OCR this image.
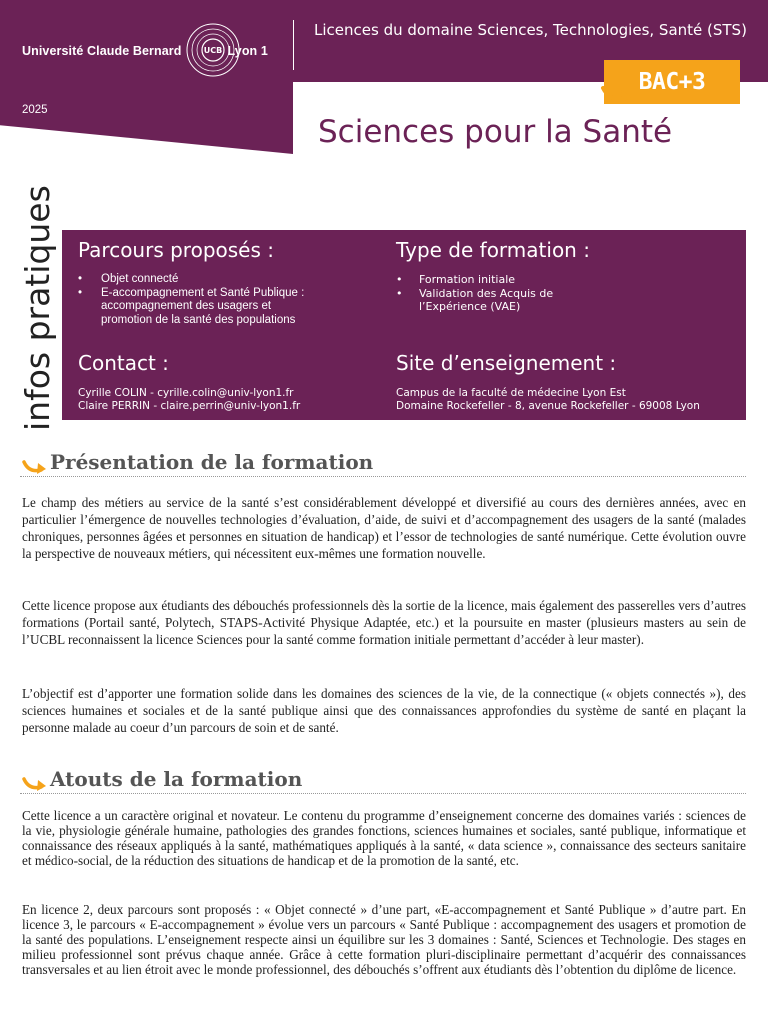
Université Claude Bernard	Lyon 1
UCB
2025
Licences du domaine Sciences, Technologies, Santé (STS)
BAC+3
Sciences pour la Santé
infos pratiques	Parcours proposés :
• Objet connecté
• E-accompagnement et Santé Publique : accompagnement des usagers et promotion de la santé des populations
Type de formation :
• Formation initiale
• Validation des Acquis de l’Expérience (VAE)
Contact :
Cyrille COLIN - cyrille.colin@univ-lyon1.fr
Claire PERRIN - claire.perrin@univ-lyon1.fr
Site d’enseignement :
Campus de la faculté de médecine Lyon Est
Domaine Rockefeller - 8, avenue Rockefeller - 69008 Lyon
Présentation de la formation

Le champ des métiers au service de la santé s’est considérablement développé et diversifié au cours des dernières années, avec en particulier l’émergence de nouvelles technologies d’évaluation, d’aide, de suivi et d’accompagnement des usagers de la santé (malades chroniques, personnes âgées et personnes en situation de handicap) et l’essor de technologies de santé numérique. Cette évolution ouvre la perspective de nouveaux métiers, qui nécessitent eux-mêmes une formation nouvelle.

Cette licence propose aux étudiants des débouchés professionnels dès la sortie de la licence, mais également des passerelles vers d’autres formations (Portail santé, Polytech, STAPS-Activité Physique Adaptée, etc.) et la poursuite en master (plusieurs masters au sein de l’UCBL reconnaissent la licence Sciences pour la santé comme formation initiale permettant d’accéder à leur master).

L’objectif est d’apporter une formation solide dans les domaines des sciences de la vie, de la connectique (« objets connectés »), des sciences humaines et sociales et de la santé publique ainsi que des connaissances approfondies du système de santé en plaçant la personne malade au coeur d’un parcours de soin et de santé.

Atouts de la formation

Cette licence a un caractère original et novateur. Le contenu du programme d’enseignement concerne des domaines variés : sciences de la vie, physiologie générale humaine, pathologies des grandes fonctions, sciences humaines et sociales, santé publique, informatique et connaissance des réseaux appliqués à la santé, mathématiques appliqués à la santé, « data science », connaissance des secteurs sanitaire et médico-social, de la réduction des situations de handicap et de la promotion de la santé, etc.

En licence 2, deux parcours sont proposés : « Objet connecté » d’une part, «E-accompagnement et Santé Publique » d’autre part. En licence 3, le parcours « E-accompagnement » évolue vers un parcours « Santé Publique : accompagnement des usagers et promotion de la santé des populations. L’enseignement respecte ainsi un équilibre sur les 3 domaines : Santé, Sciences et Technologie. Des stages en milieu professionnel sont prévus chaque année. Grâce à cette formation pluri-disciplinaire permettant d’acquérir des connaissances transversales et au lien étroit avec le monde professionnel, des débouchés s’offrent aux étudiants dès l’obtention du diplôme de licence.
